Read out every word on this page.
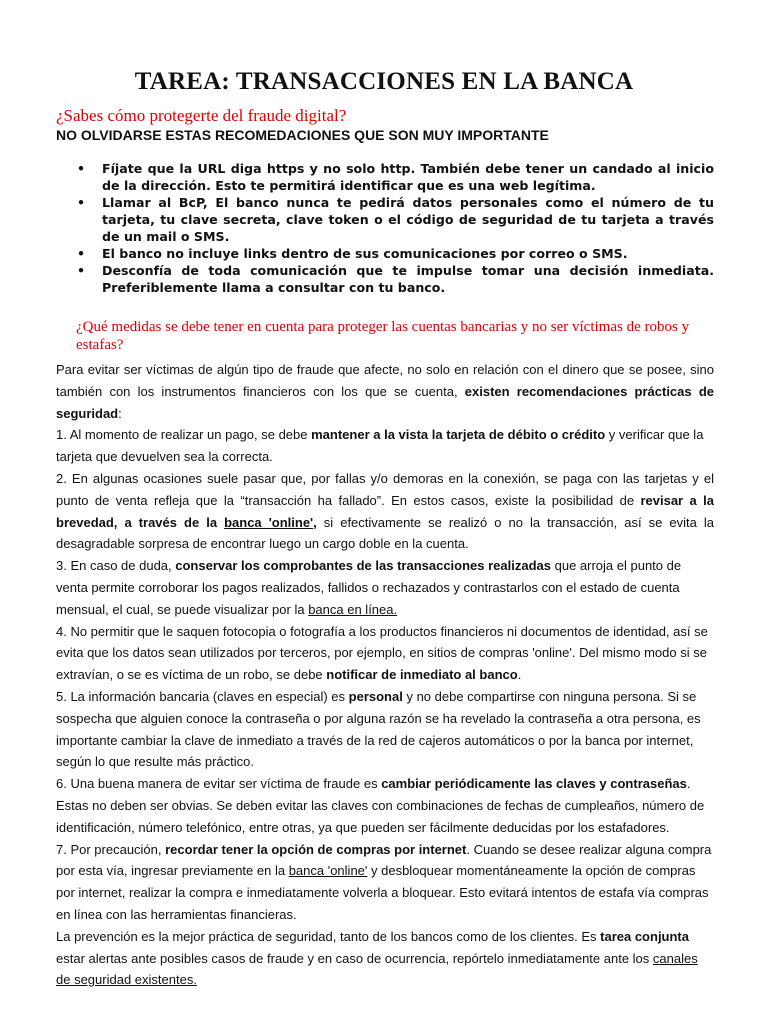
TAREA: TRANSACCIONES EN LA BANCA
¿Sabes cómo protegerte del fraude digital?
NO OLVIDARSE ESTAS RECOMEDACIONES QUE SON MUY IMPORTANTE
• Fíjate que la URL diga https y no solo http. También debe tener un candado al inicio de la dirección. Esto te permitirá identificar que es una web legítima.
• Llamar al BcP, El banco nunca te pedirá datos personales como el número de tu tarjeta, tu clave secreta, clave token o el código de seguridad de tu tarjeta a través de un mail o SMS.
• El banco no incluye links dentro de sus comunicaciones por correo o SMS.
• Desconfía de toda comunicación que te impulse tomar una decisión inmediata. Preferiblemente llama a consultar con tu banco.
¿Qué medidas se debe tener en cuenta para proteger las cuentas bancarias y no ser víctimas de robos y estafas?

Para evitar ser víctimas de algún tipo de fraude que afecte, no solo en relación con el dinero que se posee, sino también con los instrumentos financieros con los que se cuenta, existen recomendaciones prácticas de seguridad:

1. Al momento de realizar un pago, se debe mantener a la vista la tarjeta de débito o crédito y verificar que la tarjeta que devuelven sea la correcta.

2. En algunas ocasiones suele pasar que, por fallas y/o demoras en la conexión, se paga con las tarjetas y el punto de venta refleja que la “transacción ha fallado”. En estos casos, existe la posibilidad de revisar a la brevedad, a través de la banca 'online', si efectivamente se realizó o no la transacción, así se evita la desagradable sorpresa de encontrar luego un cargo doble en la cuenta.

3. En caso de duda, conservar los comprobantes de las transacciones realizadas que arroja el punto de venta permite corroborar los pagos realizados, fallidos o rechazados y contrastarlos con el estado de cuenta mensual, el cual, se puede visualizar por la banca en línea.

4. No permitir que le saquen fotocopia o fotografía a los productos financieros ni documentos de identidad, así se evita que los datos sean utilizados por terceros, por ejemplo, en sitios de compras 'online'. Del mismo modo si se extravían, o se es víctima de un robo, se debe notificar de inmediato al banco.

5. La información bancaria (claves en especial) es personal y no debe compartirse con ninguna persona. Si se sospecha que alguien conoce la contraseña o por alguna razón se ha revelado la contraseña a otra persona, es importante cambiar la clave de inmediato a través de la red de cajeros automáticos o por la banca por internet, según lo que resulte más práctico.

6. Una buena manera de evitar ser víctima de fraude es cambiar periódicamente las claves y contraseñas. Estas no deben ser obvias. Se deben evitar las claves con combinaciones de fechas de cumpleaños, número de identificación, número telefónico, entre otras, ya que pueden ser fácilmente deducidas por los estafadores.

7. Por precaución, recordar tener la opción de compras por internet. Cuando se desee realizar alguna compra por esta vía, ingresar previamente en la banca 'online' y desbloquear momentáneamente la opción de compras por internet, realizar la compra e inmediatamente volverla a bloquear. Esto evitará intentos de estafa vía compras en línea con las herramientas financieras.

La prevención es la mejor práctica de seguridad, tanto de los bancos como de los clientes. Es tarea conjunta estar alertas ante posibles casos de fraude y en caso de ocurrencia, repórtelo inmediatamente ante los canales de seguridad existentes.
